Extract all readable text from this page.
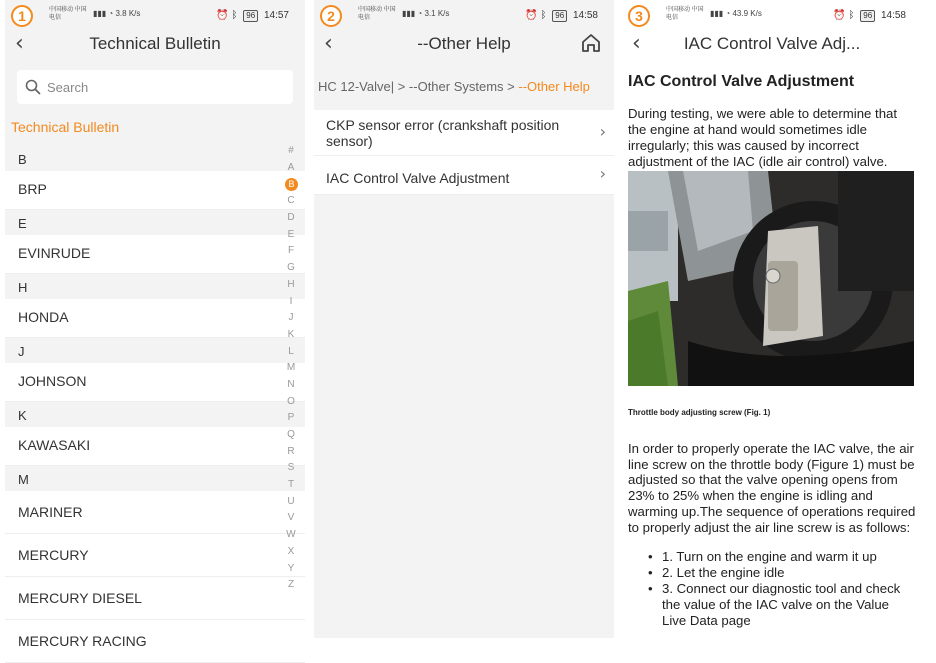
1	中国移动 中国电信	▮▮▮ ◔ 3.8 K/s	⏰ ᛒ 96 14:57
‹	Technical Bulletin
Search
Technical Bulletin
B
BRP
E
EVINRUDE
H
HONDA
J
JOHNSON
K
KAWASAKI
M
MARINER
MERCURY
MERCURY DIESEL
MERCURY RACING
#
A
B
C
D
E
F
G
H
I
J
K
L
M
N
O
P
Q
R
S
T
U
V
W
X
Y
Z
2	中国移动 中国电信	▮▮▮ ◔ 3.1 K/s	⏰ ᛒ 96 14:58
‹	--Other Help
HC 12-Valve| > --Other Systems > --Other Help
CKP sensor error (crankshaft position sensor)
›
IAC Control Valve Adjustment	›
3	中国移动 中国电信	▮▮▮ ◔ 43.9 K/s	⏰ ᛒ 96 14:58
‹	IAC Control Valve Adj...
IAC Control Valve Adjustment
During testing, we were able to determine that the engine at hand would sometimes idle irregularly; this was caused by incorrect adjustment of the IAC (idle air control) valve.
Throttle body adjusting screw (Fig. 1)
In order to properly operate the IAC valve, the air line screw on the throttle body (Figure 1) must be adjusted so that the valve opening opens from 23% to 25% when the engine is idling and warming up.The sequence of operations required to properly adjust the air line screw is as follows:
• 1. Turn on the engine and warm it up
• 2. Let the engine idle
• 3. Connect our diagnostic tool and check the value of the IAC valve on the Value Live Data page
